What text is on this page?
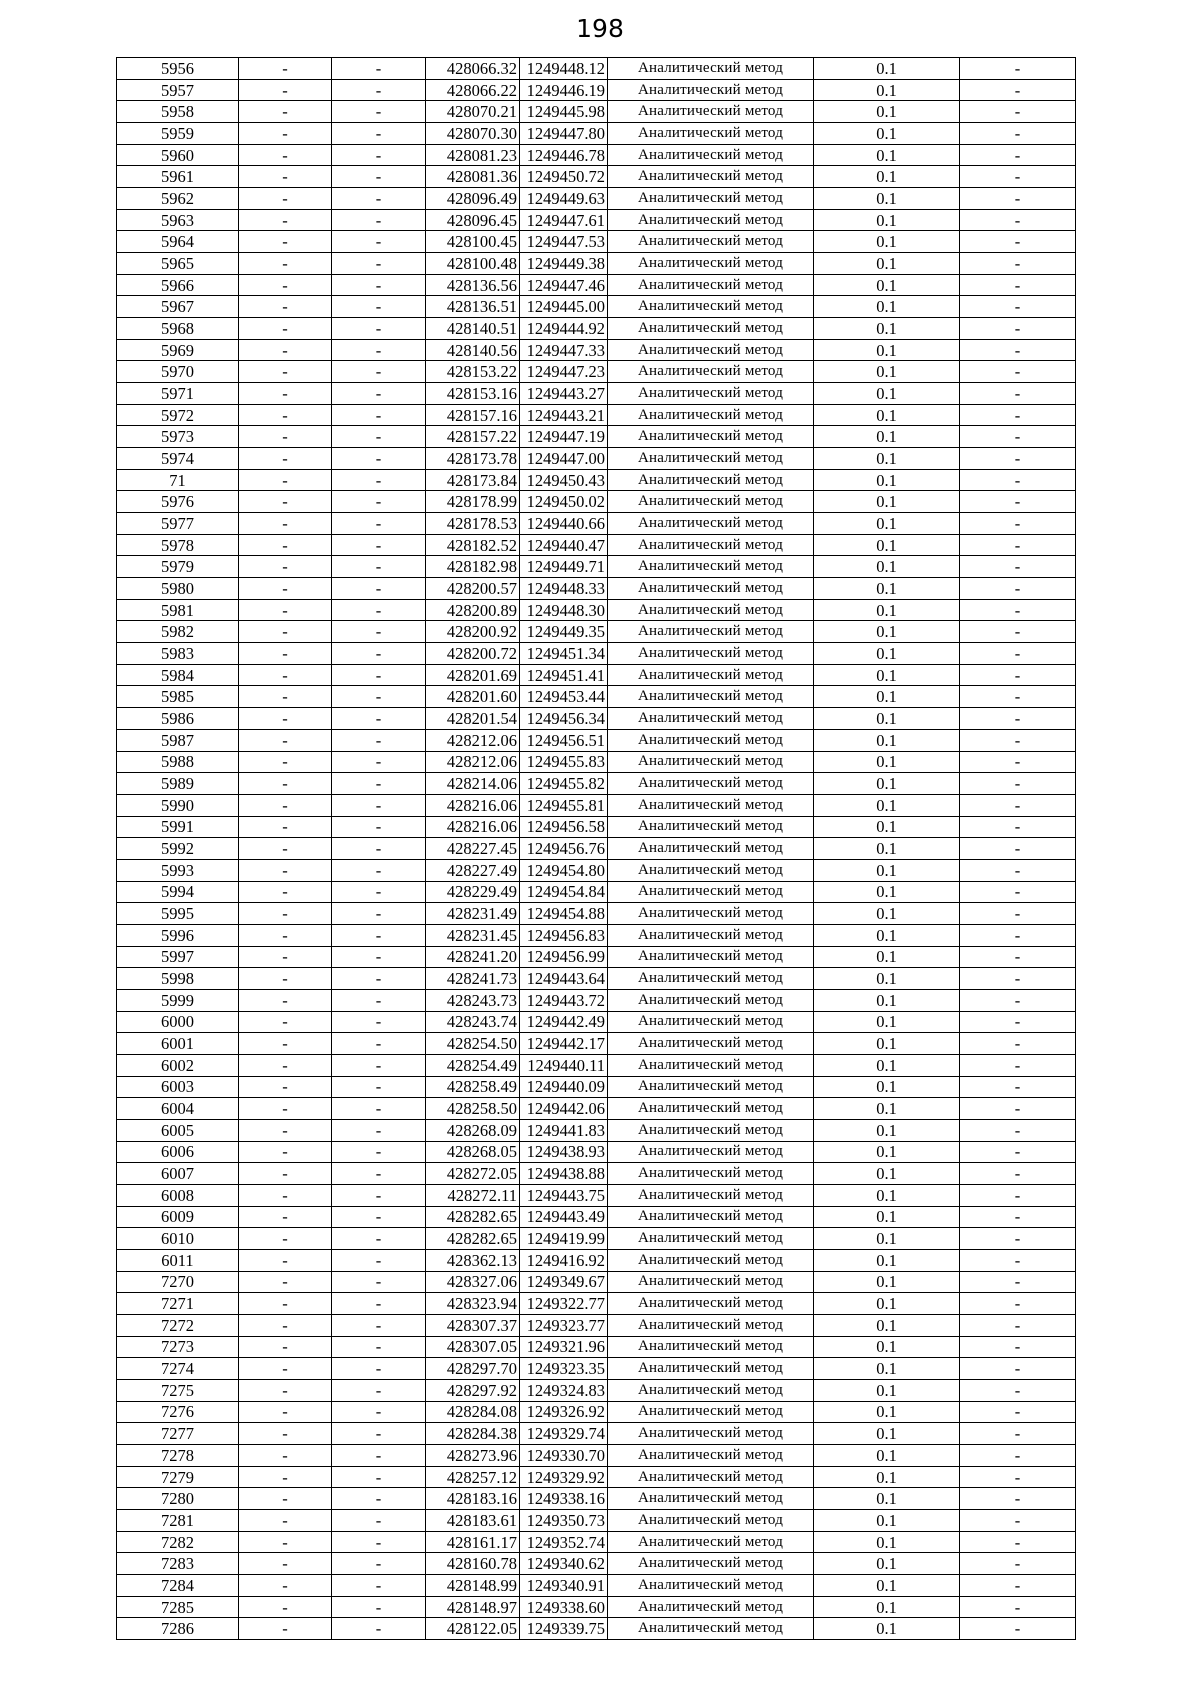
198
5956	-	-	428066.32	1249448.12	Аналитический метод	0.1	-
5957	-	-	428066.22	1249446.19	Аналитический метод	0.1	-
5958	-	-	428070.21	1249445.98	Аналитический метод	0.1	-
5959	-	-	428070.30	1249447.80	Аналитический метод	0.1	-
5960	-	-	428081.23	1249446.78	Аналитический метод	0.1	-
5961	-	-	428081.36	1249450.72	Аналитический метод	0.1	-
5962	-	-	428096.49	1249449.63	Аналитический метод	0.1	-
5963	-	-	428096.45	1249447.61	Аналитический метод	0.1	-
5964	-	-	428100.45	1249447.53	Аналитический метод	0.1	-
5965	-	-	428100.48	1249449.38	Аналитический метод	0.1	-
5966	-	-	428136.56	1249447.46	Аналитический метод	0.1	-
5967	-	-	428136.51	1249445.00	Аналитический метод	0.1	-
5968	-	-	428140.51	1249444.92	Аналитический метод	0.1	-
5969	-	-	428140.56	1249447.33	Аналитический метод	0.1	-
5970	-	-	428153.22	1249447.23	Аналитический метод	0.1	-
5971	-	-	428153.16	1249443.27	Аналитический метод	0.1	-
5972	-	-	428157.16	1249443.21	Аналитический метод	0.1	-
5973	-	-	428157.22	1249447.19	Аналитический метод	0.1	-
5974	-	-	428173.78	1249447.00	Аналитический метод	0.1	-
71	-	-	428173.84	1249450.43	Аналитический метод	0.1	-
5976	-	-	428178.99	1249450.02	Аналитический метод	0.1	-
5977	-	-	428178.53	1249440.66	Аналитический метод	0.1	-
5978	-	-	428182.52	1249440.47	Аналитический метод	0.1	-
5979	-	-	428182.98	1249449.71	Аналитический метод	0.1	-
5980	-	-	428200.57	1249448.33	Аналитический метод	0.1	-
5981	-	-	428200.89	1249448.30	Аналитический метод	0.1	-
5982	-	-	428200.92	1249449.35	Аналитический метод	0.1	-
5983	-	-	428200.72	1249451.34	Аналитический метод	0.1	-
5984	-	-	428201.69	1249451.41	Аналитический метод	0.1	-
5985	-	-	428201.60	1249453.44	Аналитический метод	0.1	-
5986	-	-	428201.54	1249456.34	Аналитический метод	0.1	-
5987	-	-	428212.06	1249456.51	Аналитический метод	0.1	-
5988	-	-	428212.06	1249455.83	Аналитический метод	0.1	-
5989	-	-	428214.06	1249455.82	Аналитический метод	0.1	-
5990	-	-	428216.06	1249455.81	Аналитический метод	0.1	-
5991	-	-	428216.06	1249456.58	Аналитический метод	0.1	-
5992	-	-	428227.45	1249456.76	Аналитический метод	0.1	-
5993	-	-	428227.49	1249454.80	Аналитический метод	0.1	-
5994	-	-	428229.49	1249454.84	Аналитический метод	0.1	-
5995	-	-	428231.49	1249454.88	Аналитический метод	0.1	-
5996	-	-	428231.45	1249456.83	Аналитический метод	0.1	-
5997	-	-	428241.20	1249456.99	Аналитический метод	0.1	-
5998	-	-	428241.73	1249443.64	Аналитический метод	0.1	-
5999	-	-	428243.73	1249443.72	Аналитический метод	0.1	-
6000	-	-	428243.74	1249442.49	Аналитический метод	0.1	-
6001	-	-	428254.50	1249442.17	Аналитический метод	0.1	-
6002	-	-	428254.49	1249440.11	Аналитический метод	0.1	-
6003	-	-	428258.49	1249440.09	Аналитический метод	0.1	-
6004	-	-	428258.50	1249442.06	Аналитический метод	0.1	-
6005	-	-	428268.09	1249441.83	Аналитический метод	0.1	-
6006	-	-	428268.05	1249438.93	Аналитический метод	0.1	-
6007	-	-	428272.05	1249438.88	Аналитический метод	0.1	-
6008	-	-	428272.11	1249443.75	Аналитический метод	0.1	-
6009	-	-	428282.65	1249443.49	Аналитический метод	0.1	-
6010	-	-	428282.65	1249419.99	Аналитический метод	0.1	-
6011	-	-	428362.13	1249416.92	Аналитический метод	0.1	-
7270	-	-	428327.06	1249349.67	Аналитический метод	0.1	-
7271	-	-	428323.94	1249322.77	Аналитический метод	0.1	-
7272	-	-	428307.37	1249323.77	Аналитический метод	0.1	-
7273	-	-	428307.05	1249321.96	Аналитический метод	0.1	-
7274	-	-	428297.70	1249323.35	Аналитический метод	0.1	-
7275	-	-	428297.92	1249324.83	Аналитический метод	0.1	-
7276	-	-	428284.08	1249326.92	Аналитический метод	0.1	-
7277	-	-	428284.38	1249329.74	Аналитический метод	0.1	-
7278	-	-	428273.96	1249330.70	Аналитический метод	0.1	-
7279	-	-	428257.12	1249329.92	Аналитический метод	0.1	-
7280	-	-	428183.16	1249338.16	Аналитический метод	0.1	-
7281	-	-	428183.61	1249350.73	Аналитический метод	0.1	-
7282	-	-	428161.17	1249352.74	Аналитический метод	0.1	-
7283	-	-	428160.78	1249340.62	Аналитический метод	0.1	-
7284	-	-	428148.99	1249340.91	Аналитический метод	0.1	-
7285	-	-	428148.97	1249338.60	Аналитический метод	0.1	-
7286	-	-	428122.05	1249339.75	Аналитический метод	0.1	-
